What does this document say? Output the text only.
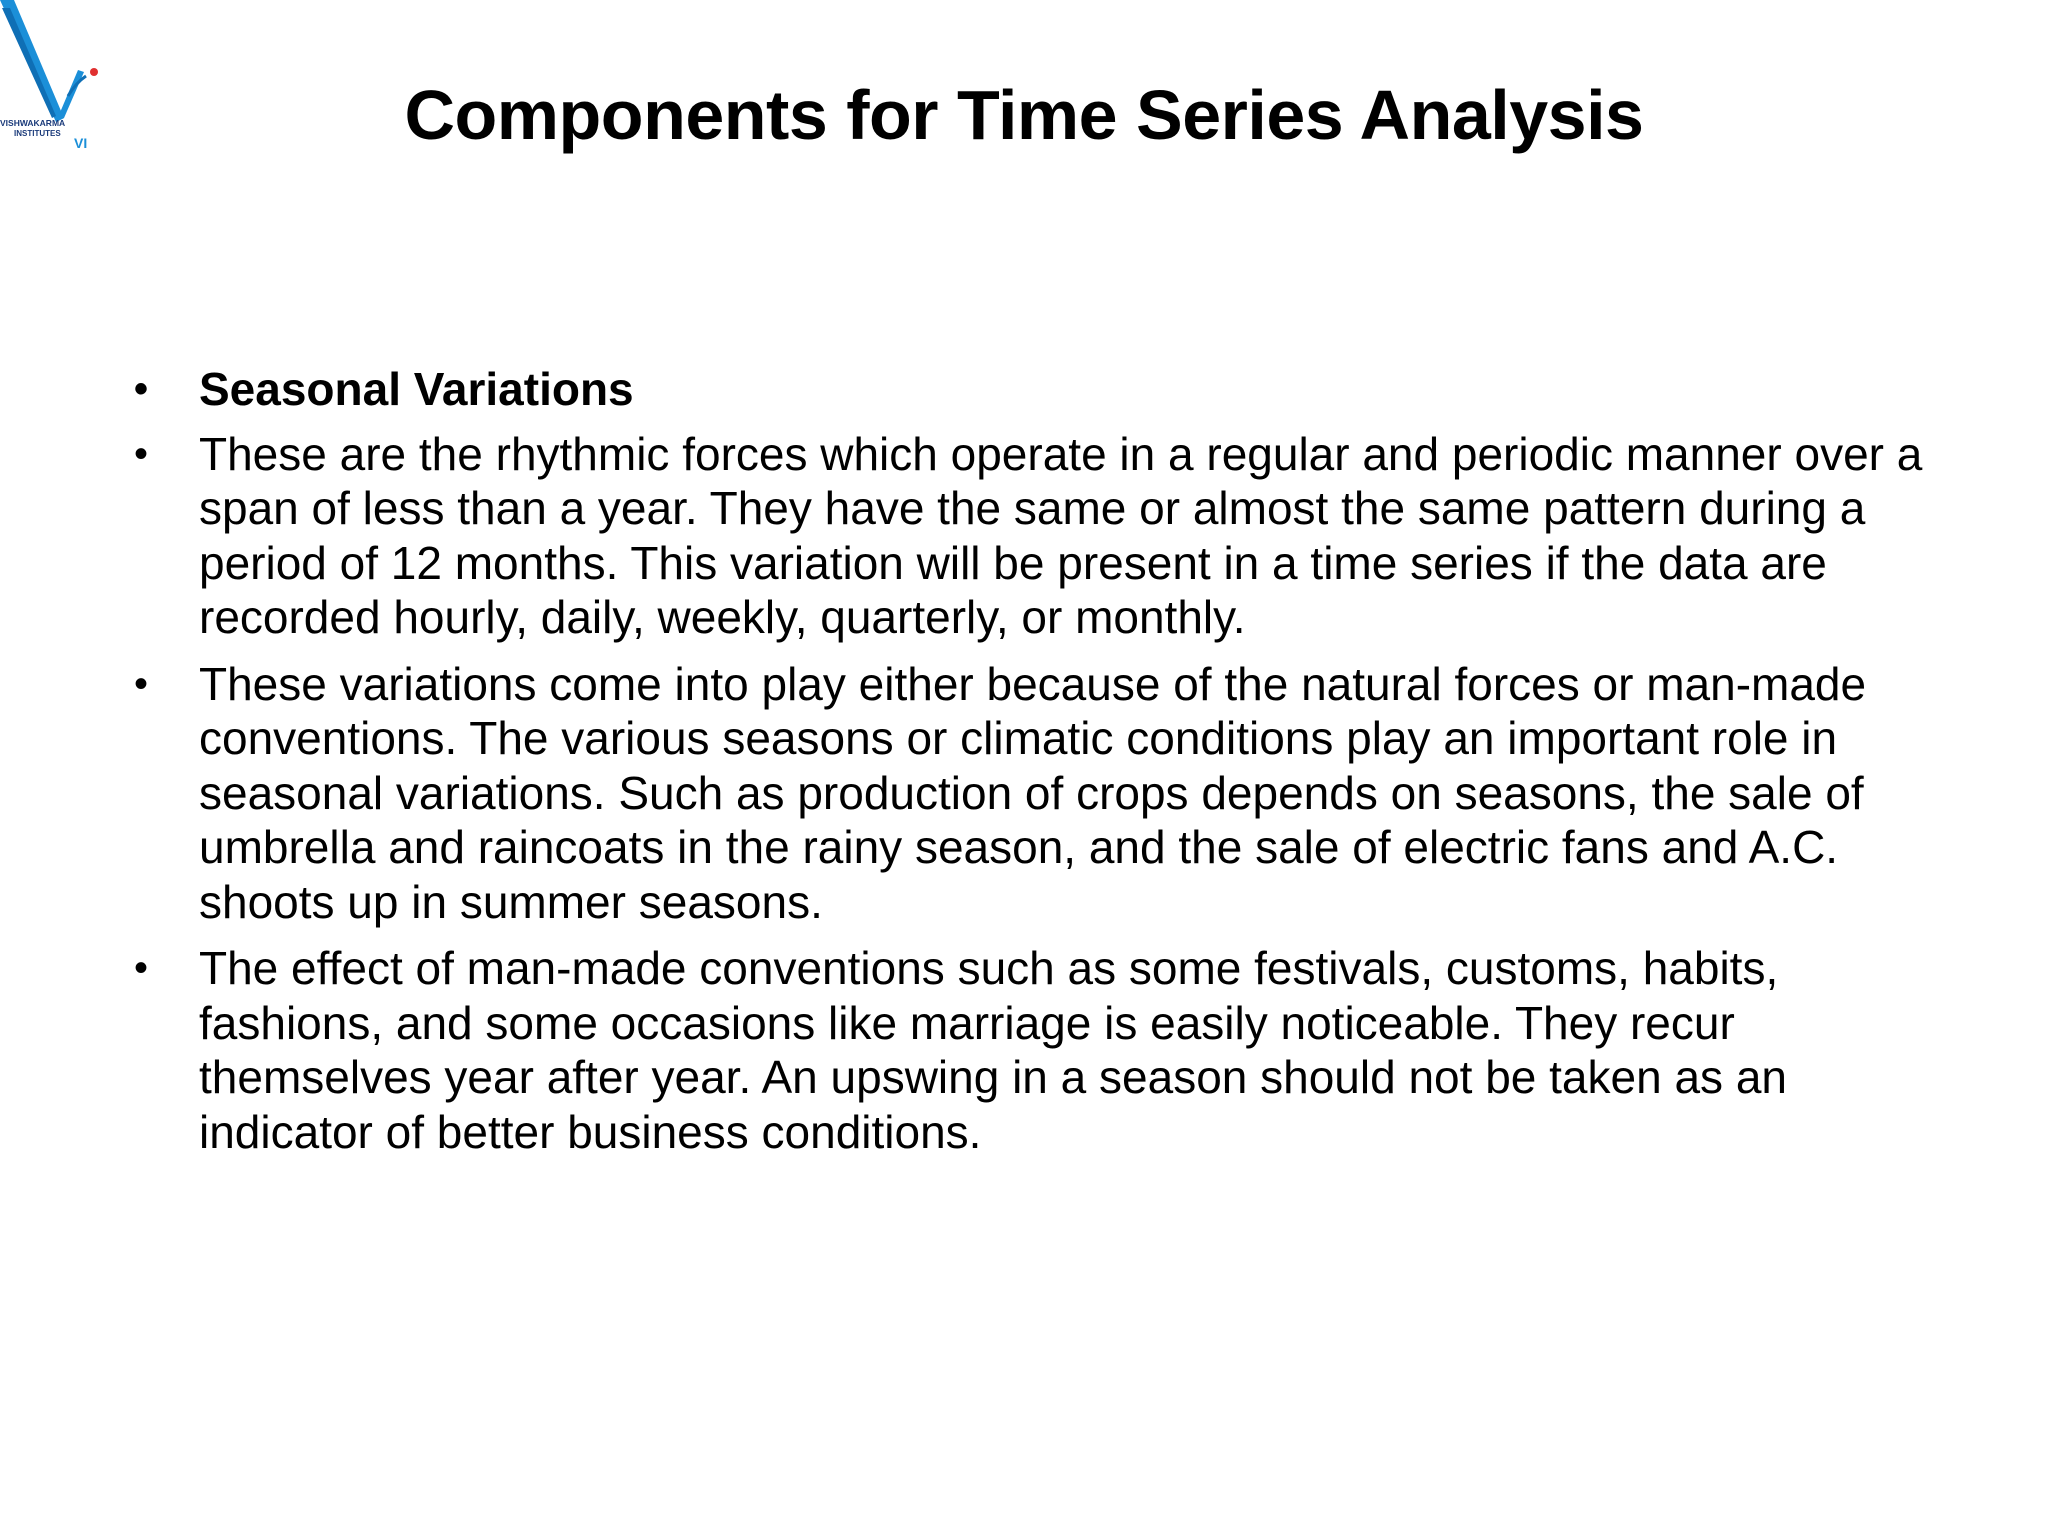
VISHWAKARMA
INSTITUTES
VI	Components for Time Series Analysis
• Seasonal Variations
• These are the rhythmic forces which operate in a regular and periodic manner over a span of less than a year. They have the same or almost the same pattern during a period of 12 months. This variation will be present in a time series if the data are recorded hourly, daily, weekly, quarterly, or monthly.
• These variations come into play either because of the natural forces or man-made conventions. The various seasons or climatic conditions play an important role in seasonal variations. Such as production of crops depends on seasons, the sale of umbrella and raincoats in the rainy season, and the sale of electric fans and A.C. shoots up in summer seasons.
• The effect of man-made conventions such as some festivals, customs, habits, fashions, and some occasions like marriage is easily noticeable. They recur themselves year after year. An upswing in a season should not be taken as an indicator of better business conditions.
